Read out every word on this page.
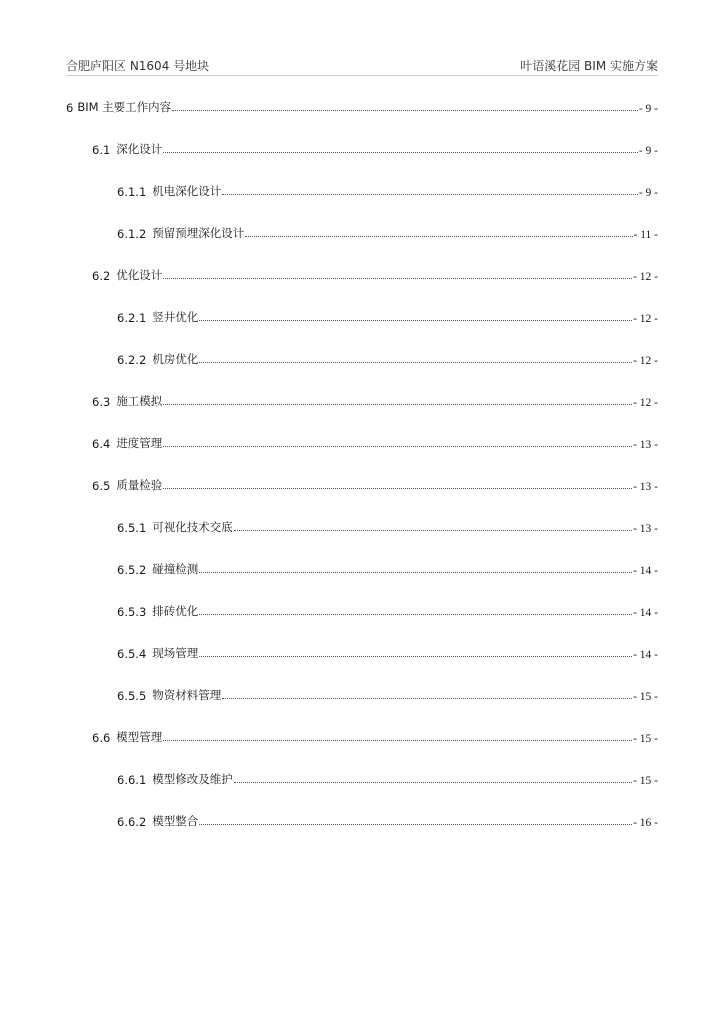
合肥庐阳区 N1604 号地块	叶语溪花园 BIM 实施方案
6 BIM 主要工作内容	- 9 -
6.1 深化设计	- 9 -
6.1.1 机电深化设计	- 9 -
6.1.2 预留预埋深化设计	- 11 -
6.2 优化设计	- 12 -
6.2.1 竖井优化	- 12 -
6.2.2 机房优化	- 12 -
6.3 施工模拟	- 12 -
6.4 进度管理	- 13 -
6.5 质量检验	- 13 -
6.5.1 可视化技术交底	- 13 -
6.5.2 碰撞检测	- 14 -
6.5.3 排砖优化	- 14 -
6.5.4 现场管理	- 14 -
6.5.5 物资材料管理	- 15 -
6.6 模型管理	- 15 -
6.6.1 模型修改及维护	- 15 -
6.6.2 模型整合	- 16 -
